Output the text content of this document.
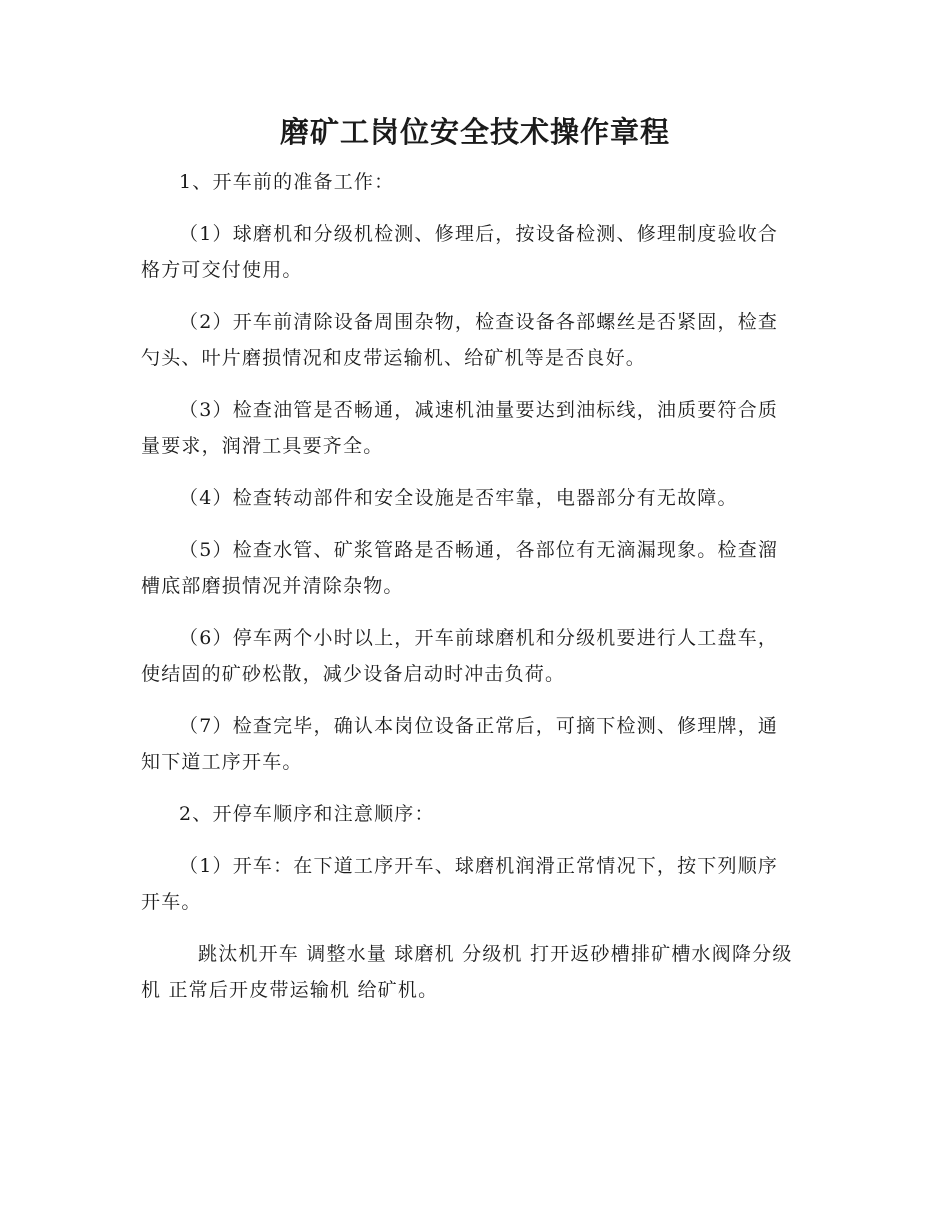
磨矿工岗位安全技术操作章程

1、开车前的准备工作：

（1）球磨机和分级机检测、修理后，按设备检测、修理制度验收合格方可交付使用。

（2）开车前清除设备周围杂物，检查设备各部螺丝是否紧固，检查勺头、叶片磨损情况和皮带运输机、给矿机等是否良好。

（3）检查油管是否畅通，减速机油量要达到油标线，油质要符合质量要求，润滑工具要齐全。

（4）检查转动部件和安全设施是否牢靠，电器部分有无故障。

（5）检查水管、矿浆管路是否畅通，各部位有无滴漏现象。检查溜槽底部磨损情况并清除杂物。

（6）停车两个小时以上，开车前球磨机和分级机要进行人工盘车，使结固的矿砂松散，减少设备启动时冲击负荷。

（7）检查完毕，确认本岗位设备正常后，可摘下检测、修理牌，通知下道工序开车。

2、开停车顺序和注意顺序：

（1）开车：在下道工序开车、球磨机润滑正常情况下，按下列顺序开车。

跳汰机开车 调整水量 球磨机 分级机 打开返砂槽排矿槽水阀降分级机 正常后开皮带运输机 给矿机。
